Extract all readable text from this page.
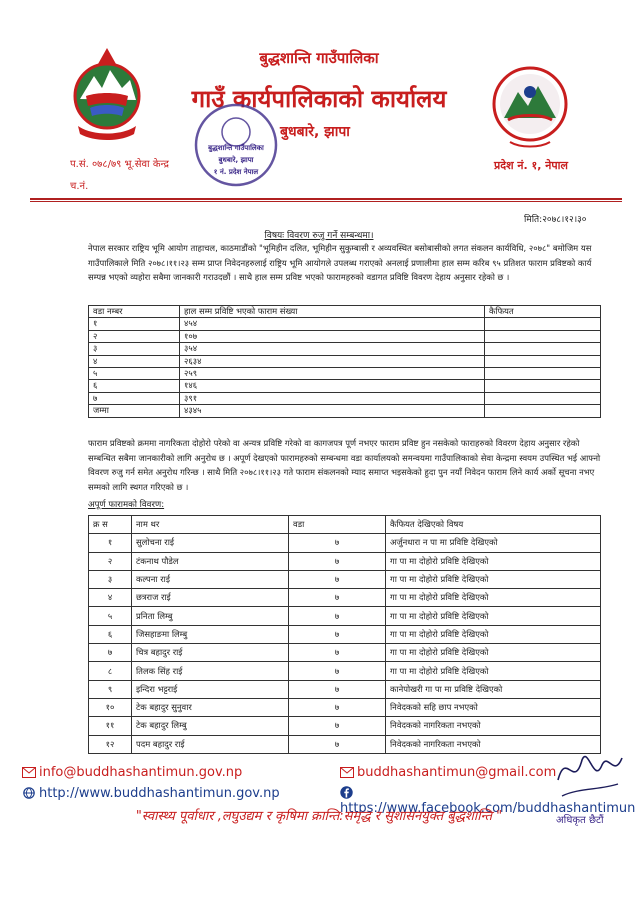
बुद्धशान्ति गाउँपालिका
गाउँ कार्यपालिकाको कार्यालय
बुधबारे, झापा
बुद्धशान्ति गाउँपालिका
बुधबारे, झापा
१ नं. प्रदेश नेपाल
प.सं. ०७८/७९ भू.सेवा केन्द्र
च.नं.
प्रदेश नं. १, नेपाल
मिति:२०७८।१२।३०
विषयः विवरण रुजु गर्ने सम्बन्धमा।
नेपाल सरकार राष्ट्रिय भूमि आयोग ताहाचल, काठमाडौंको "भूमिहीन दलित, भूमिहीन सुकुम्बासी र अव्यवस्थित बसोबासीको लगत संकलन कार्यविधि, २०७८" बमोजिम यस गाउँपालिकाले मिति २०७८।११।२३ सम्म प्राप्त निवेदनहरुलाई राष्ट्रिय भूमि आयोगले उपलब्ध गराएको अनलाई प्रणालीमा हाल सम्म करिब ९५ प्रतिशत फाराम प्रविष्टको कार्य सम्पन्न भएको व्यहोरा सबैमा जानकारी गराउदछौं । साथै हाल सम्म प्रविष्ट भएको फारामहरुको वडागत प्रविष्टि विवरण देहाय अनुसार रहेको छ ।
वडा नम्बर	हाल सम्म प्रविष्टि भएको फाराम संख्या	कैफियत
१	४५४	
२	१०७	
३	३५४	
४	२६३४	
५	२५९	
६	१४६	
७	३९१	
जम्मा	४३४५	
फाराम प्रविष्टको क्रममा नागरिकता दोहोरो परेको वा अन्यत्र प्रविष्टि गरेको वा कागजपत्र पूर्ण नभएर फाराम प्रविष्ट हुन नसकेको फाराहरुको विवरण देहाय अनुसार रहेको सम्बन्धित सबैमा जानकारीको लागि अनुरोध छ । अपूर्ण देखएको फारामहरुको सम्बन्धमा वडा कार्यालयको समन्वयमा गाउँपालिकाको सेवा केन्द्रमा स्वयम उपस्थित भई आफ्नो विवरण रुजु गर्न समेत अनुरोध गरिन्छ । साथै मिति २०७८।११।२३ गते फाराम संकलनको म्याद समाप्त भइसकेको हुदा पुन नयाँ निवेदन फाराम लिने कार्य अर्को सूचना नभए सम्मको लागि स्थगत गरिएको छ ।
अपूर्ण फारामको विवरण:
क्र स	नाम थर	वडा	कैफियत देखिएको विषय
१	सुलोचना राई	७	अर्जुनधारा न पा मा प्रविष्टि देखिएको
२	टंकनाथ पौडेल	७	गा पा मा दोहोरो प्रविष्टि देखिएको
३	कल्पना राई	७	गा पा मा दोहोरो प्रविष्टि देखिएको
४	छत्रराज राई	७	गा पा मा दोहोरो प्रविष्टि देखिएको
५	प्रनिता लिम्बु	७	गा पा मा दोहोरो प्रविष्टि देखिएको
६	जिसहाङमा लिम्बु	७	गा पा मा दोहोरो प्रविष्टि देखिएको
७	चित्र बहादुर राई	७	गा पा मा दोहोरो प्रविष्टि देखिएको
८	तिलक सिंह राई	७	गा पा मा दोहोरो प्रविष्टि देखिएको
९	इन्दिरा भट्टराई	७	कानेपोखरी गा पा मा प्रविष्टि देखिएको
१०	टेक बहादुर सुनुवार	७	निवेदकको सहि छाप नभएको
११	टेक बहादुर लिम्बु	७	निवेदकको नागरिकता नभएको
१२	पदम बहादुर राई	७	निवेदकको नागरिकता नभएको
अधिकृत छैटौं
info@buddhashantimun.gov.np	buddhashantimun@gmail.com
http://www.buddhashantimun.gov.np
https://www.facebook.com/buddhashantimun
"स्वास्थ्य पूर्वाधार ,लघुउद्यम र कृषिमा क्रान्ति:समृद्ध र सुशासनयुक्त बुद्धशान्ति "
